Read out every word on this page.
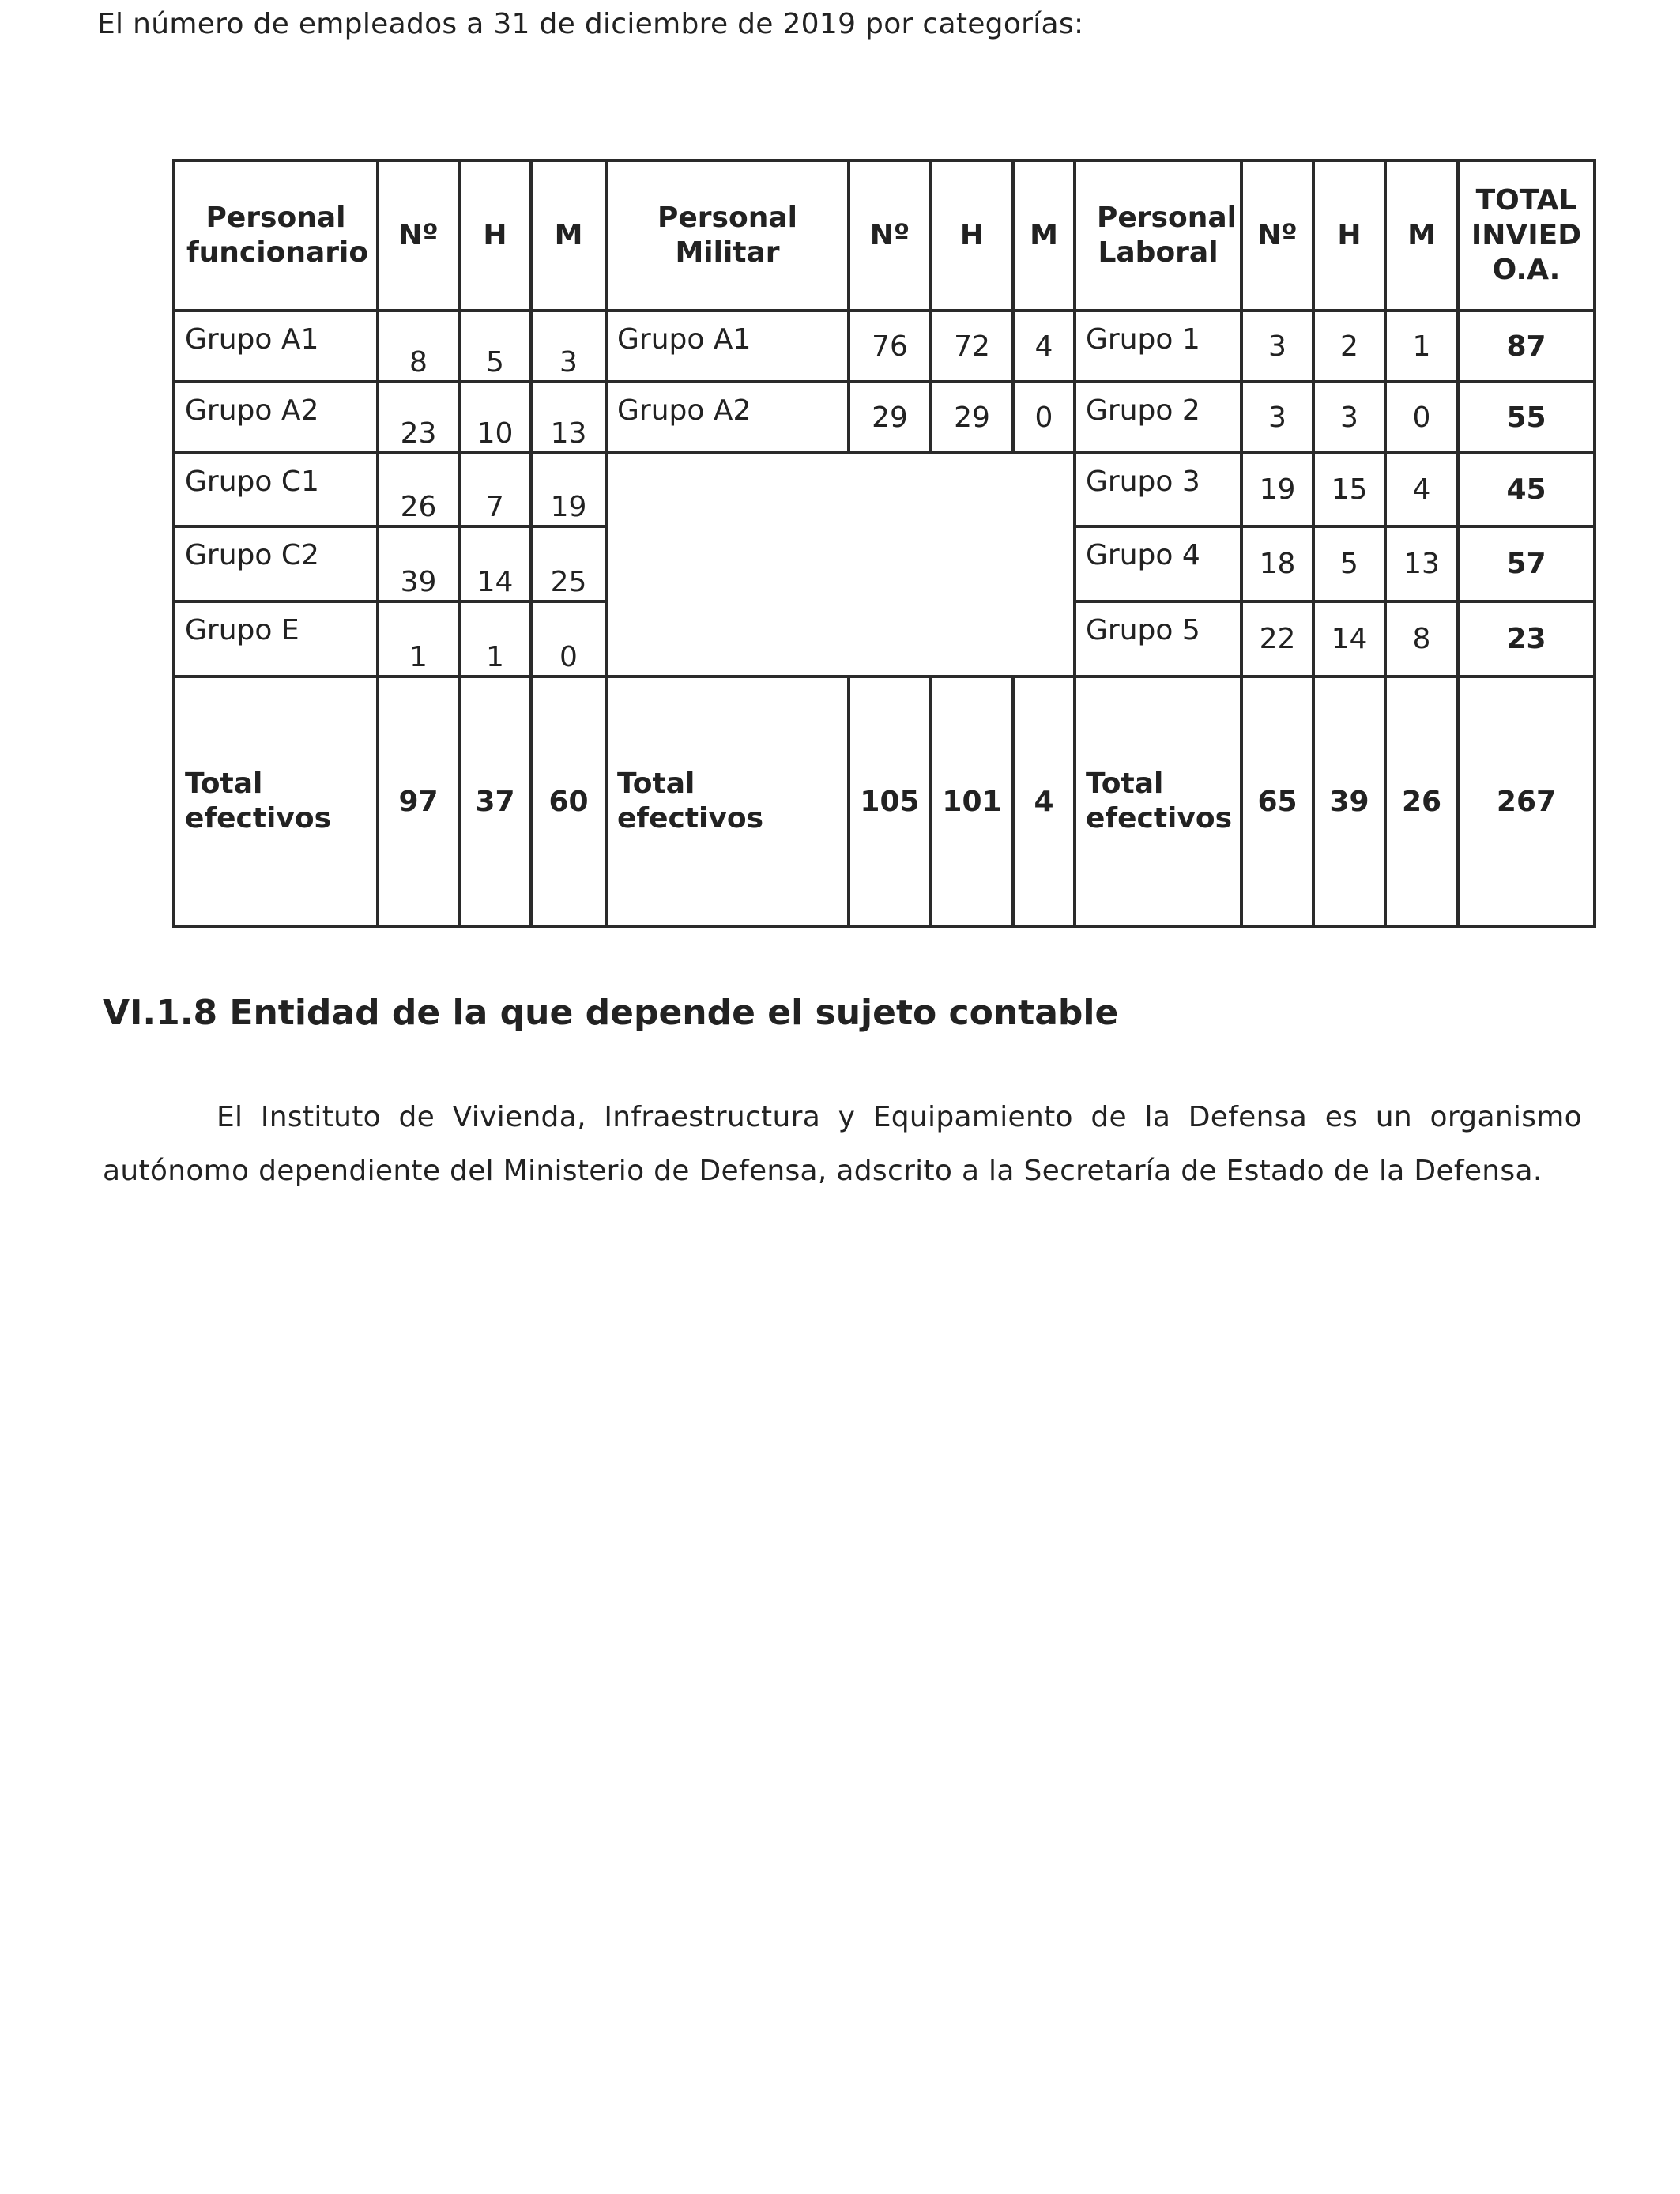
El número de empleados a 31 de diciembre de 2019 por categorías:

Personal funcionario	Nº	H	M	Personal Militar	Nº	H	M	Personal Laboral	Nº	H	M	TOTAL
INVIED
O.A.

Grupo A1	8	5	3	Grupo A1	76	72	4	Grupo 1	3	2	1	87
Grupo A2	23	10	13	Grupo A2	29	29	0	Grupo 2	3	3	0	55
Grupo C1	26	7	19					Grupo 3	19	15	4	45
Grupo C2	39	14	25					Grupo 4	18	5	13	57
Grupo E	1	1	0					Grupo 5	22	14	8	23
Total efectivos	97	37	60	Total efectivos	105	101	4	Total efectivos	65	39	26	267
VI.1.8 Entidad de la que depende el sujeto contable

El Instituto de Vivienda, Infraestructura y Equipamiento de la Defensa es un organismo autónomo dependiente del Ministerio de Defensa, adscrito a la Secretaría de Estado de la Defensa.
